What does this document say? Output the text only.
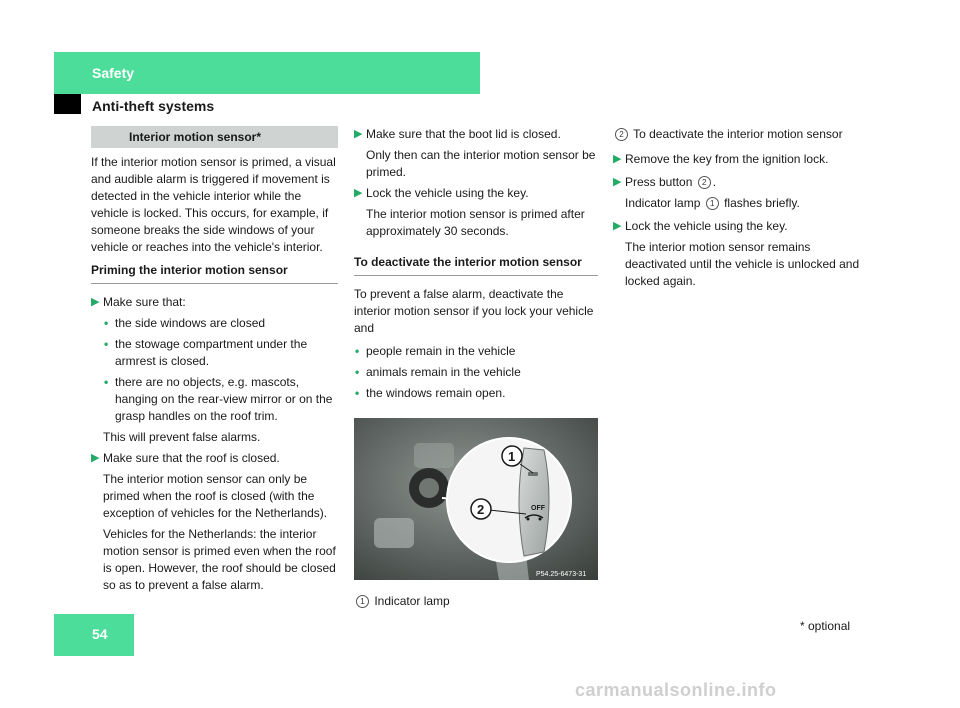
Safety
Anti-theft systems
Interior motion sensor*

If the interior motion sensor is primed, a visual and audible alarm is triggered if movement is detected in the vehicle interior while the vehicle is locked. This occurs, for example, if someone breaks the side windows of your vehicle or reaches into the vehicle's interior.

Priming the interior motion sensor
▶ Make sure that:
• the side windows are closed
• the stowage compartment under the armrest is closed.
• there are no objects, e.g. mascots, hanging on the rear-view mirror or on the grasp handles on the roof trim.
This will prevent false alarms.
▶ Make sure that the roof is closed.
The interior motion sensor can only be primed when the roof is closed (with the exception of vehicles for the Netherlands).
Vehicles for the Netherlands: the interior motion sensor is primed even when the roof is open. However, the roof should be closed so as to prevent a false alarm.
▶ Make sure that the boot lid is closed.
Only then can the interior motion sensor be primed.
▶ Lock the vehicle using the key.
The interior motion sensor is primed after approximately 30 seconds.
To deactivate the interior motion sensor

To prevent a false alarm, deactivate the interior motion sensor if you lock your vehicle and

• people remain in the vehicle
• animals remain in the vehicle
• the windows remain open.
OFF
1
2
P54.25-6473-31

1 Indicator lamp

2 To deactivate the interior motion sensor

▶ Remove the key from the ignition lock.
▶ Press button 2 .
Indicator lamp 1 flashes briefly.
▶ Lock the vehicle using the key.
The interior motion sensor remains deactivated until the vehicle is unlocked and locked again.
54	* optional
carmanualsonline.info
